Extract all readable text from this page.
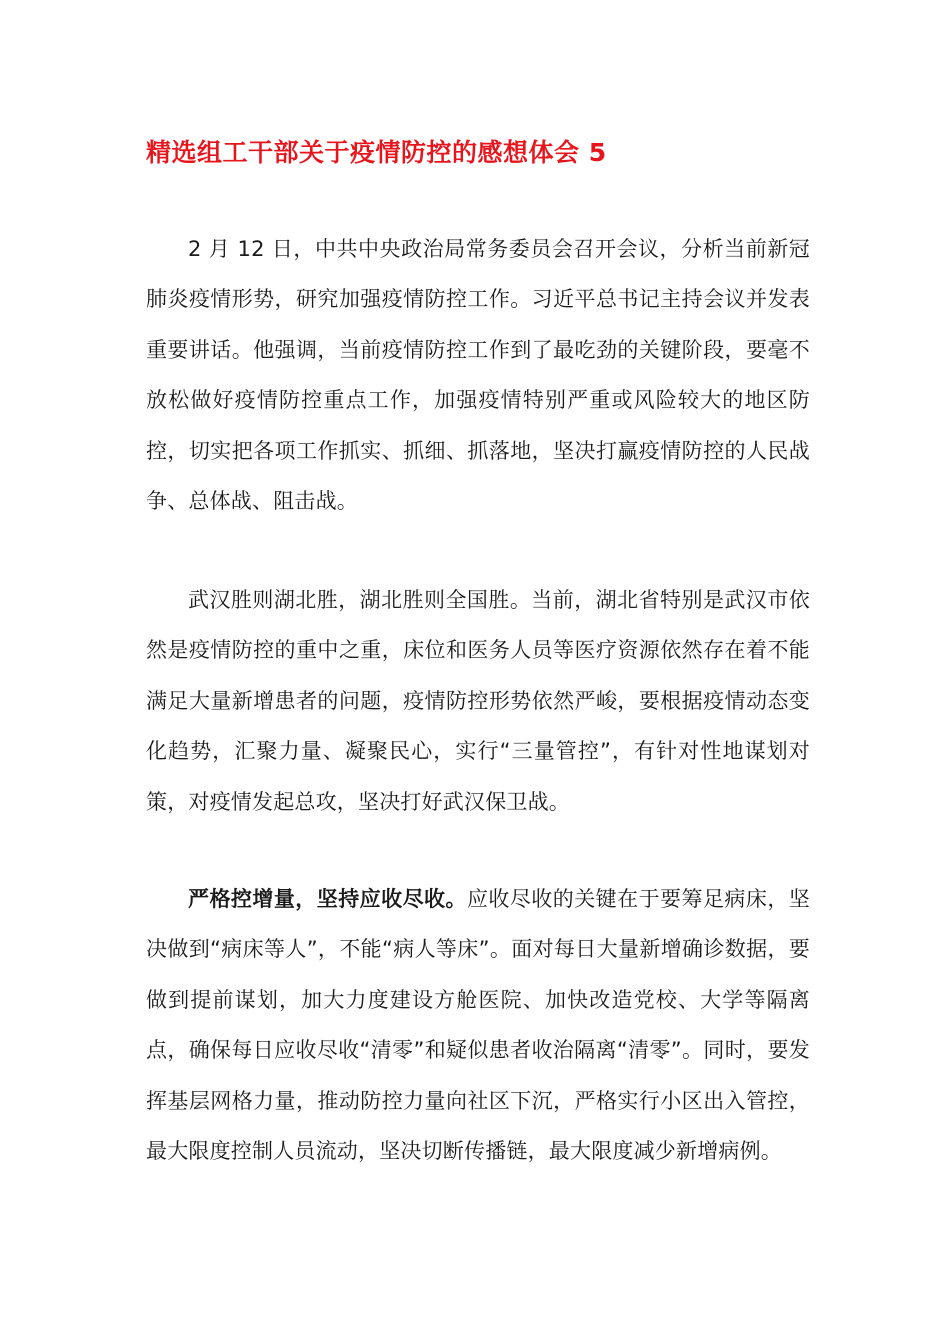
精选组工干部关于疫情防控的感想体会 5

2 月 12 日，中共中央政治局常务委员会召开会议，分析当前新冠肺炎疫情形势，研究加强疫情防控工作。习近平总书记主持会议并发表重要讲话。他强调，当前疫情防控工作到了最吃劲的关键阶段，要毫不放松做好疫情防控重点工作，加强疫情特别严重或风险较大的地区防控，切实把各项工作抓实、抓细、抓落地，坚决打赢疫情防控的人民战争、总体战、阻击战。

武汉胜则湖北胜，湖北胜则全国胜。当前，湖北省特别是武汉市依然是疫情防控的重中之重，床位和医务人员等医疗资源依然存在着不能满足大量新增患者的问题，疫情防控形势依然严峻，要根据疫情动态变化趋势，汇聚力量、凝聚民心，实行“三量管控”，有针对性地谋划对策，对疫情发起总攻，坚决打好武汉保卫战。

严格控增量，坚持应收尽收。应收尽收的关键在于要筹足病床，坚决做到“病床等人”，不能“病人等床”。面对每日大量新增确诊数据，要做到提前谋划，加大力度建设方舱医院、加快改造党校、大学等隔离点，确保每日应收尽收“清零”和疑似患者收治隔离“清零”。同时，要发挥基层网格力量，推动防控力量向社区下沉，严格实行小区出入管控，最大限度控制人员流动，坚决切断传播链，最大限度减少新增病例。
